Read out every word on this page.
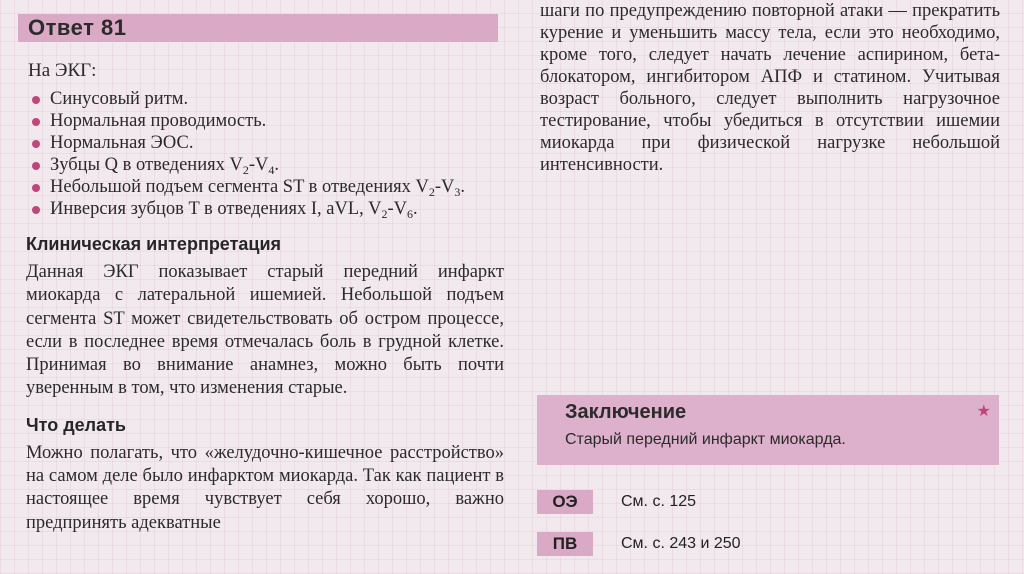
Ответ 81
На ЭКГ:
Синусовый ритм.
Нормальная проводимость.
Нормальная ЭОС.
Зубцы Q в отведениях $V_2-V_4$.
Небольшой подъем сегмента ST в отведениях $V_2-V_3$.
Инверсия зубцов T в отведениях I, aVL, $V_2-V_6$.
Клиническая интерпретация

Данная ЭКГ показывает старый передний инфаркт миокарда с латеральной ишемией. Небольшой подъем сегмента ST может свидетельствовать об остром процессе, если в последнее время отмечалась боль в грудной клетке. Принимая во внимание анамнез, можно быть почти уверенным в том, что изменения старые.

Что делать

Можно полагать, что «желудочно-кишечное расстройство» на самом деле было инфарктом миокарда. Так как пациент в настоящее время чувствует себя хорошо, важно предпринять адекватные

шаги по предупреждению повторной атаки — прекратить курение и уменьшить массу тела, если это необходимо, кроме того, следует начать лечение аспирином, бета-блокатором, ингибитором АПФ и статином. Учитывая возраст больного, следует выполнить нагрузочное тестирование, чтобы убедиться в отсутствии ишемии миокарда при физической нагрузке небольшой интенсивности.
Заключение
Старый передний инфаркт миокарда.
★
ОЭ	См. с. 125
ПВ	См. с. 243 и 250
